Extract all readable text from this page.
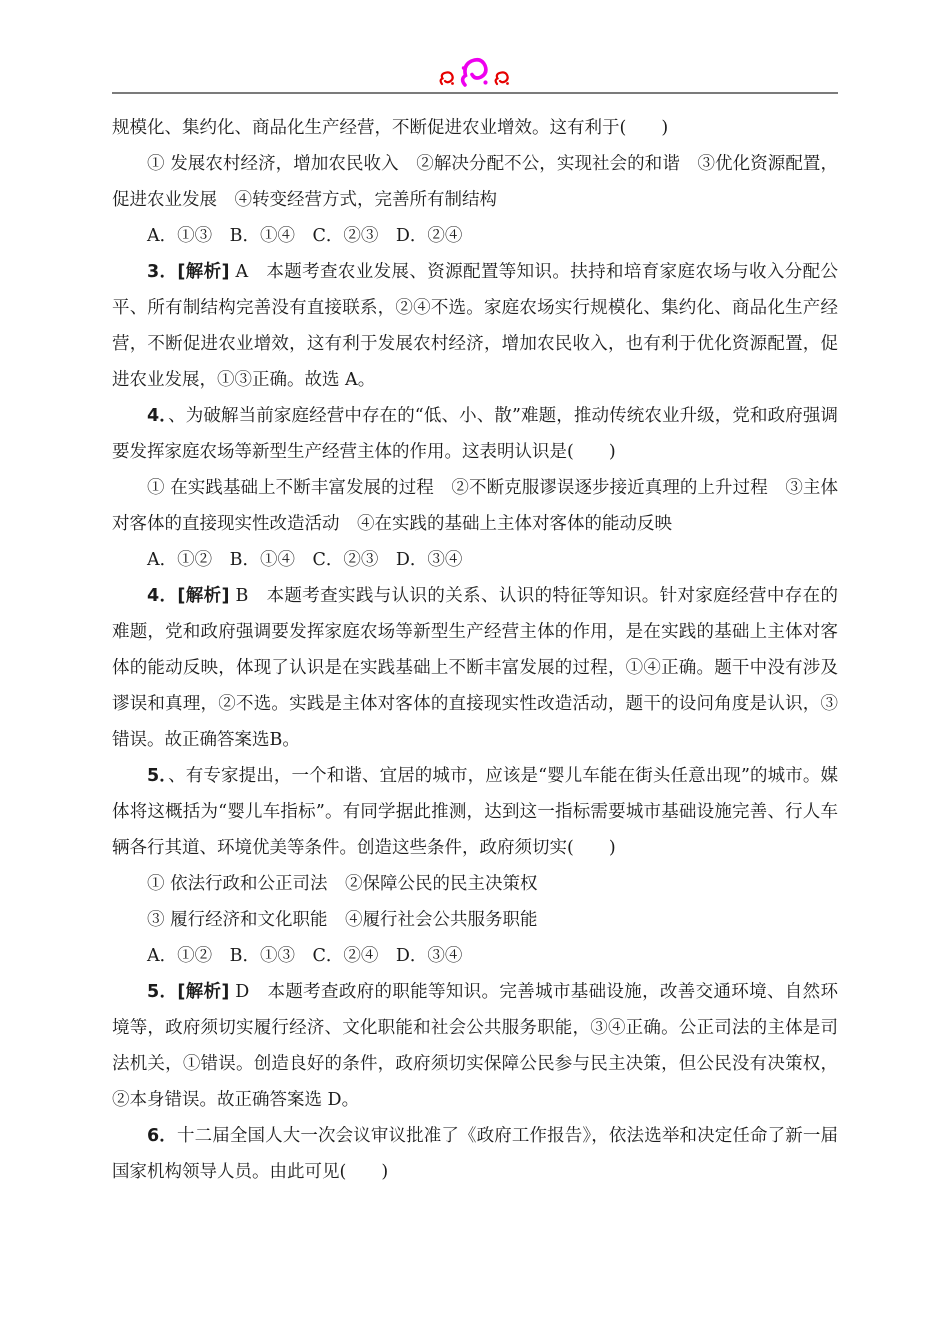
规模化、集约化、商品化生产经营，不断促进农业增效。这有利于(　　)

① 发展农村经济，增加农民收入　②解决分配不公，实现社会的和谐　③优化资源配置，促进农业发展　④转变经营方式，完善所有制结构

A．①③　B．①④　C．②③　D．②④

3．[解析] A　本题考查农业发展、资源配置等知识。扶持和培育家庭农场与收入分配公平、所有制结构完善没有直接联系，②④不选。家庭农场实行规模化、集约化、商品化生产经营，不断促进农业增效，这有利于发展农村经济，增加农民收入，也有利于优化资源配置，促进农业发展，①③正确。故选 A。

4．、为破解当前家庭经营中存在的“低、小、散”难题，推动传统农业升级，党和政府强调要发挥家庭农场等新型生产经营主体的作用。这表明认识是(　　)

① 在实践基础上不断丰富发展的过程　②不断克服谬误逐步接近真理的上升过程　③主体对客体的直接现实性改造活动　④在实践的基础上主体对客体的能动反映

A．①②　B．①④　C．②③　D．③④

4．[解析] B　本题考查实践与认识的关系、认识的特征等知识。针对家庭经营中存在的难题，党和政府强调要发挥家庭农场等新型生产经营主体的作用，是在实践的基础上主体对客体的能动反映，体现了认识是在实践基础上不断丰富发展的过程，①④正确。题干中没有涉及谬误和真理，②不选。实践是主体对客体的直接现实性改造活动，题干的设问角度是认识，③错误。故正确答案选B。

5．、有专家提出，一个和谐、宜居的城市，应该是“婴儿车能在街头任意出现”的城市。媒体将这概括为“婴儿车指标”。有同学据此推测，达到这一指标需要城市基础设施完善、行人车辆各行其道、环境优美等条件。创造这些条件，政府须切实(　　)

① 依法行政和公正司法　②保障公民的民主决策权

③ 履行经济和文化职能　④履行社会公共服务职能

A．①②　B．①③　C．②④　D．③④

5．[解析] D　本题考查政府的职能等知识。完善城市基础设施，改善交通环境、自然环境等，政府须切实履行经济、文化职能和社会公共服务职能，③④正确。公正司法的主体是司法机关，①错误。创造良好的条件，政府须切实保障公民参与民主决策，但公民没有决策权，②本身错误。故正确答案选 D。

6．十二届全国人大一次会议审议批准了《政府工作报告》，依法选举和决定任命了新一届国家机构领导人员。由此可见(　　)
